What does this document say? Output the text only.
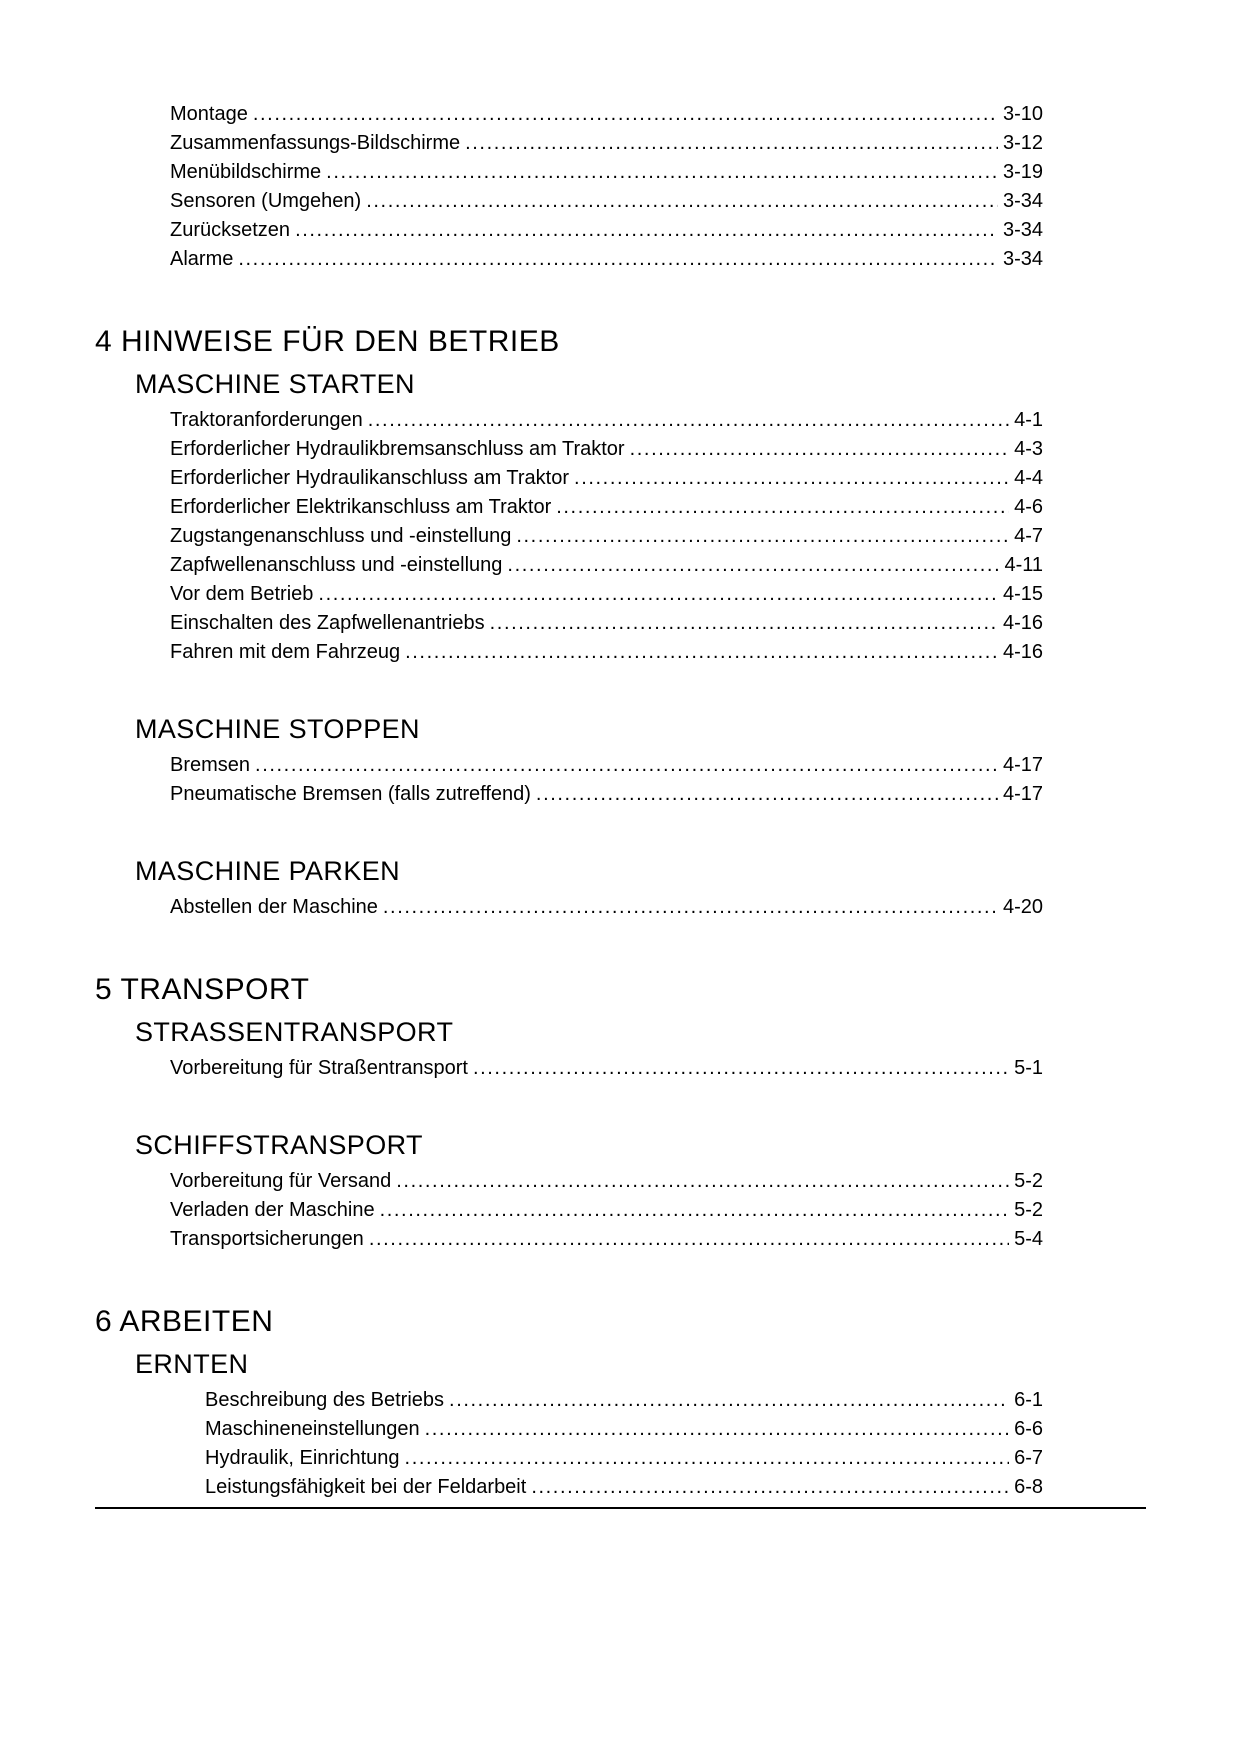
Montage .....	3-10
Zusammenfassungs-Bildschirme .....	3-12
Menübildschirme .....	3-19
Sensoren (Umgehen) .....	3-34
Zurücksetzen .....	3-34
Alarme .....	3-34
4 HINWEISE FÜR DEN BETRIEB
MASCHINE STARTEN
Traktoranforderungen .....	4-1
Erforderlicher Hydraulikbremsanschluss am Traktor .....	4-3
Erforderlicher Hydraulikanschluss am Traktor .....	4-4
Erforderlicher Elektrikanschluss am Traktor .....	4-6
Zugstangenanschluss und -einstellung .....	4-7
Zapfwellenanschluss und -einstellung .....	4-11
Vor dem Betrieb .....	4-15
Einschalten des Zapfwellenantriebs .....	4-16
Fahren mit dem Fahrzeug .....	4-16
MASCHINE STOPPEN
Bremsen .....	4-17
Pneumatische Bremsen (falls zutreffend) .....	4-17
MASCHINE PARKEN
Abstellen der Maschine .....	4-20
5 TRANSPORT
STRASSENTRANSPORT
Vorbereitung für Straßentransport .....	5-1
SCHIFFSTRANSPORT
Vorbereitung für Versand .....	5-2
Verladen der Maschine .....	5-2
Transportsicherungen .....	5-4
6 ARBEITEN
ERNTEN
Beschreibung des Betriebs .....	6-1
Maschineneinstellungen .....	6-6
Hydraulik, Einrichtung .....	6-7
Leistungsfähigkeit bei der Feldarbeit .....	6-8
